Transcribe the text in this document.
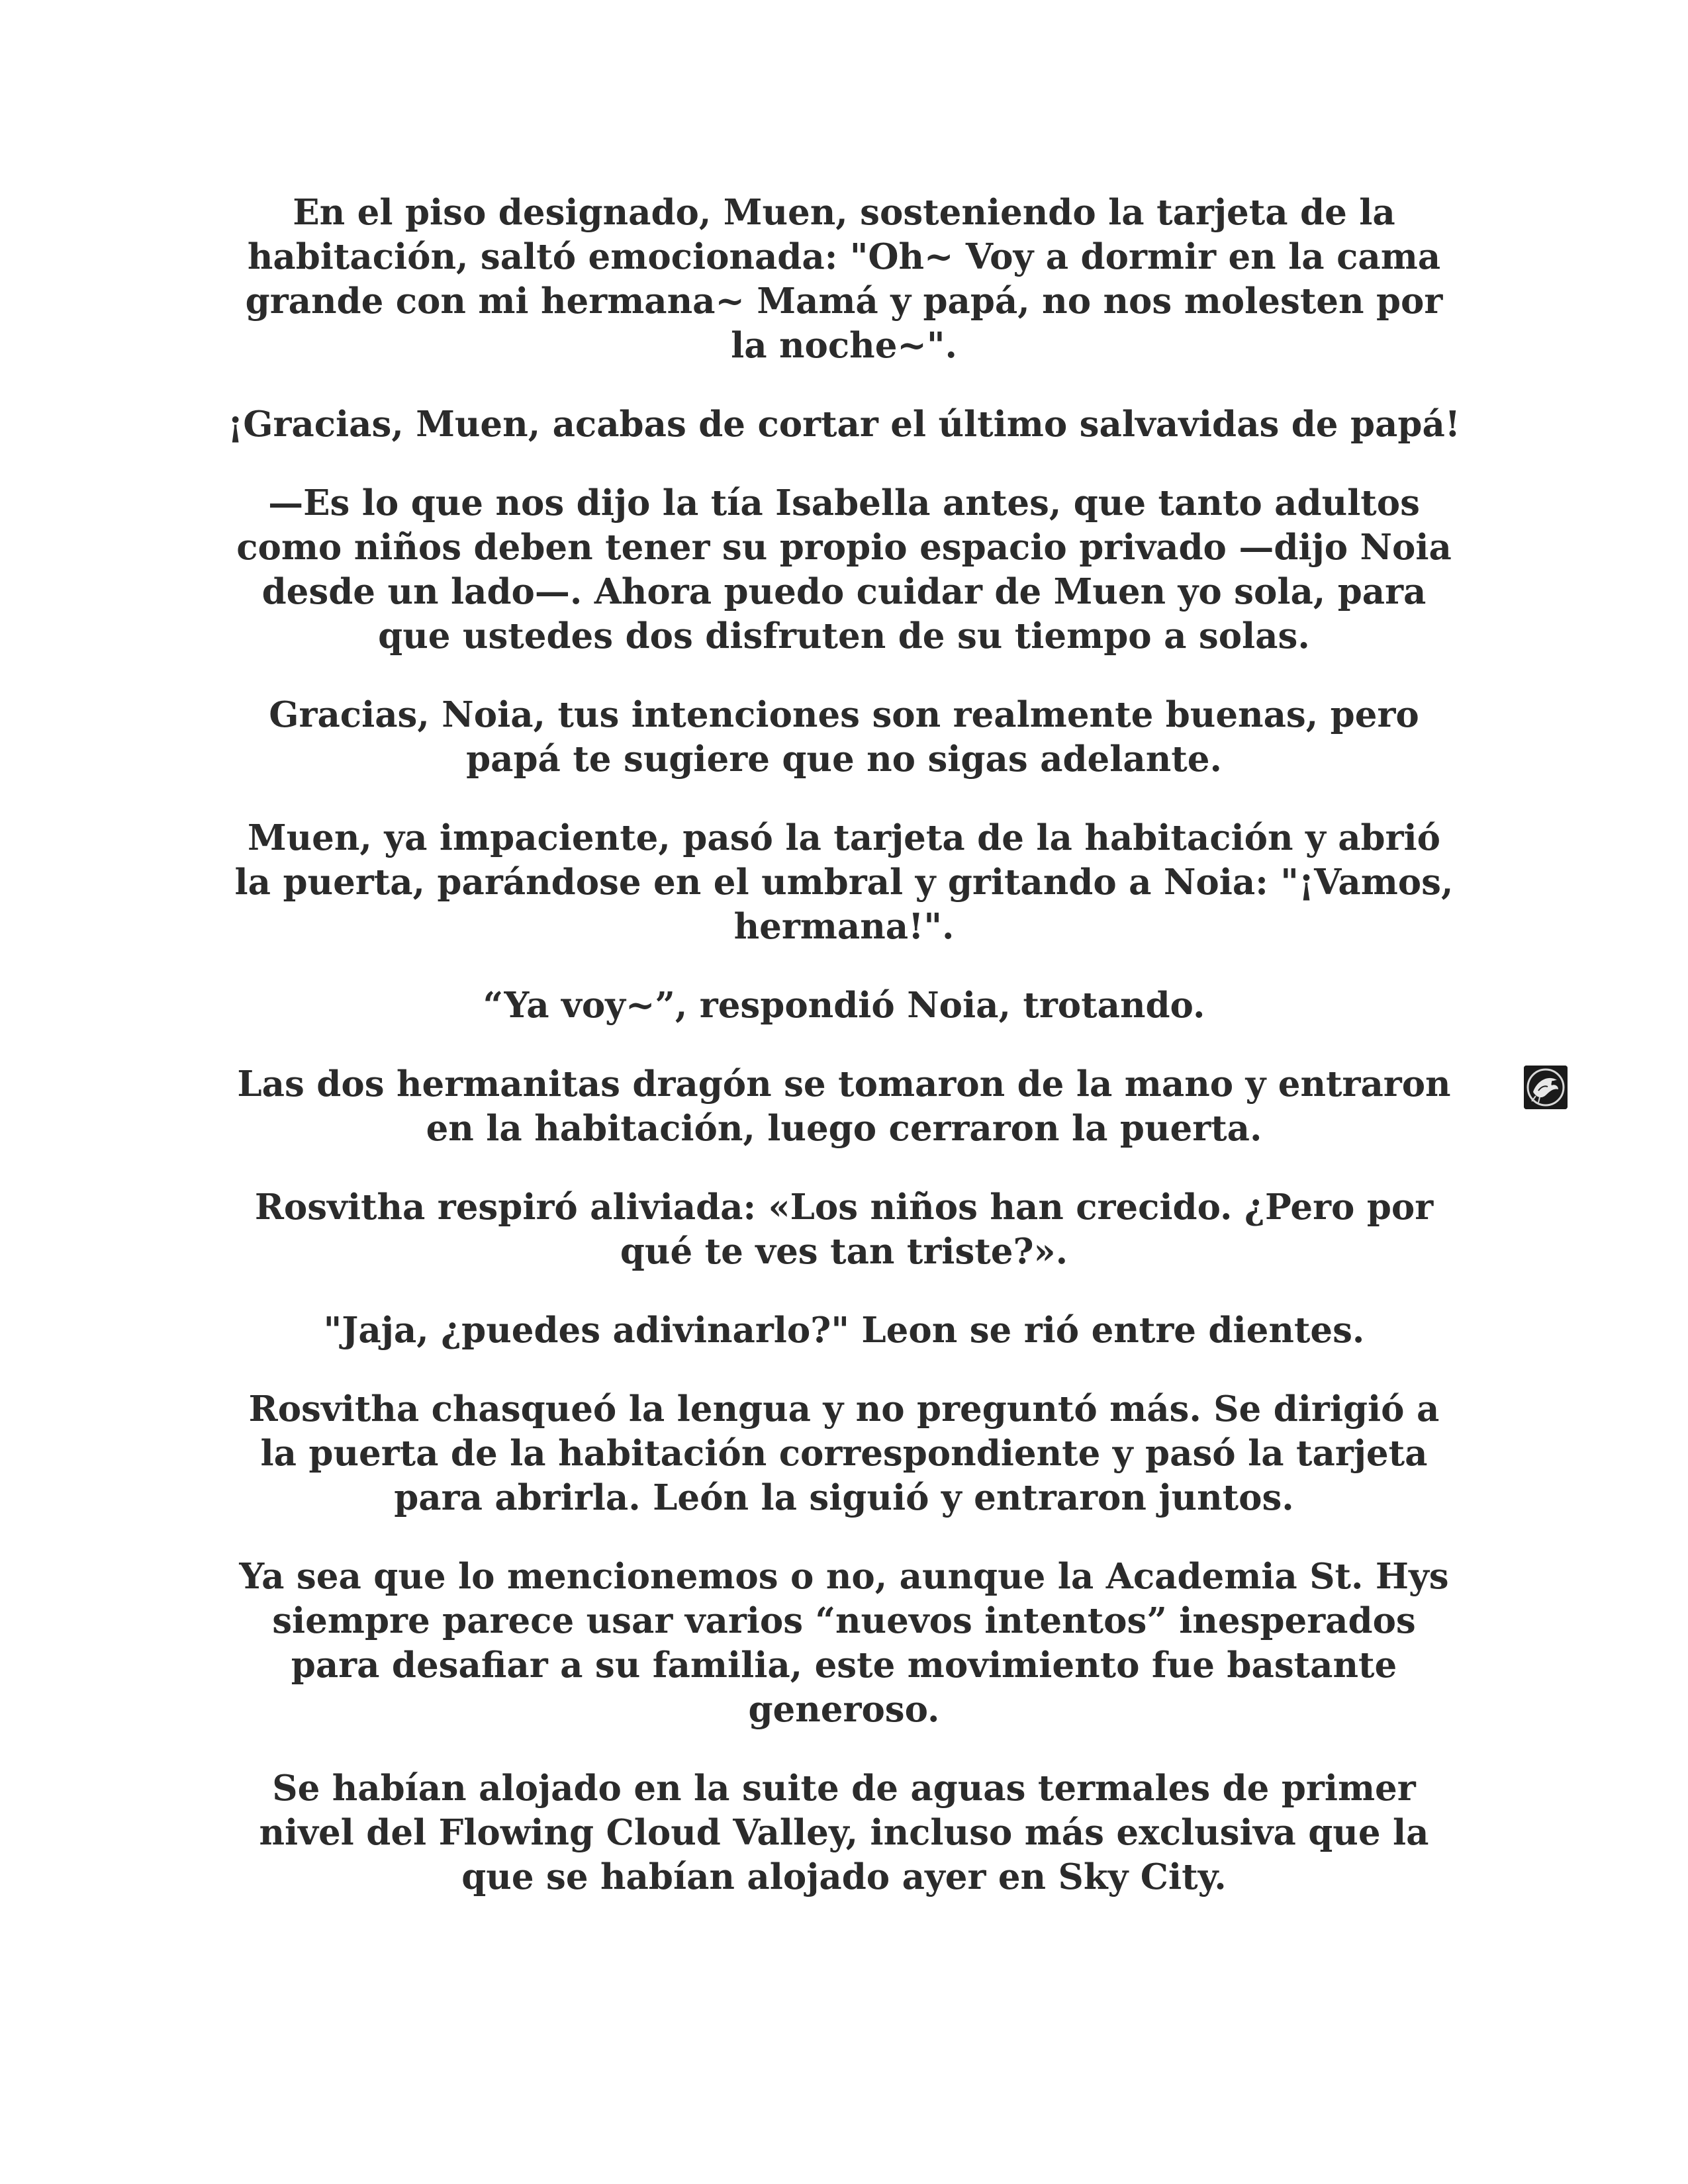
En el piso designado, Muen, sosteniendo la tarjeta de la habitación, saltó emocionada: "Oh~ Voy a dormir en la cama grande con mi hermana~ Mamá y papá, no nos molesten por la noche~".

¡Gracias, Muen, acabas de cortar el último salvavidas de papá!

—Es lo que nos dijo la tía Isabella antes, que tanto adultos como niños deben tener su propio espacio privado —dijo Noia desde un lado—. Ahora puedo cuidar de Muen yo sola, para que ustedes dos disfruten de su tiempo a solas.

Gracias, Noia, tus intenciones son realmente buenas, pero papá te sugiere que no sigas adelante.

Muen, ya impaciente, pasó la tarjeta de la habitación y abrió la puerta, parándose en el umbral y gritando a Noia: "¡Vamos, hermana!".

“Ya voy~”, respondió Noia, trotando.

Las dos hermanitas dragón se tomaron de la mano y entraron en la habitación, luego cerraron la puerta.

Rosvitha respiró aliviada: «Los niños han crecido. ¿Pero por qué te ves tan triste?».

"Jaja, ¿puedes adivinarlo?" Leon se rió entre dientes.

Rosvitha chasqueó la lengua y no preguntó más. Se dirigió a la puerta de la habitación correspondiente y pasó la tarjeta para abrirla. León la siguió y entraron juntos.

Ya sea que lo mencionemos o no, aunque la Academia St. Hys siempre parece usar varios “nuevos intentos” inesperados para desafiar a su familia, este movimiento fue bastante generoso.

Se habían alojado en la suite de aguas termales de primer nivel del Flowing Cloud Valley, incluso más exclusiva que la que se habían alojado ayer en Sky City.
